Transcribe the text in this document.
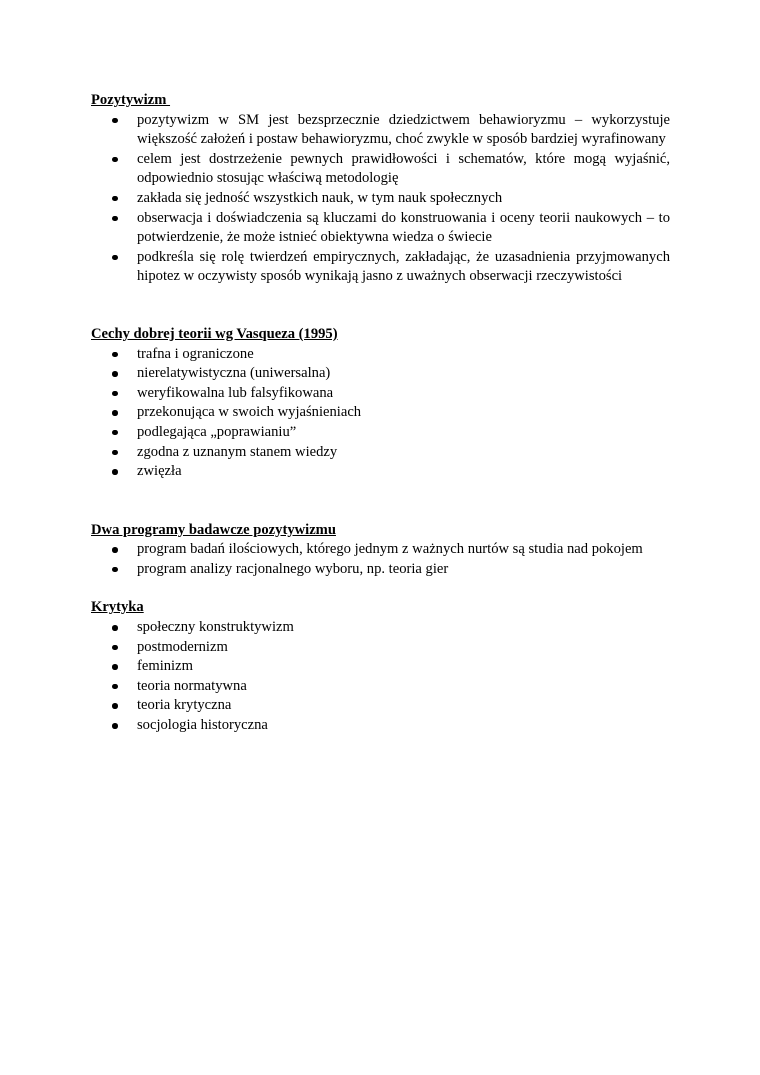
Pozytywizm

pozytywizm w SM jest bezsprzecznie dziedzictwem behawioryzmu – wykorzystuje większość założeń i postaw behawioryzmu, choć zwykle w sposób bardziej wyrafinowany
celem jest dostrzeżenie pewnych prawidłowości i schematów, które mogą wyjaśnić, odpowiednio stosując właściwą metodologię
zakłada się jedność wszystkich nauk, w tym nauk społecznych
obserwacja i doświadczenia są kluczami do konstruowania i oceny teorii naukowych – to potwierdzenie, że może istnieć obiektywna wiedza o świecie
podkreśla się rolę twierdzeń empirycznych, zakładając, że uzasadnienia przyjmowanych hipotez w oczywisty sposób wynikają jasno z uważnych obserwacji rzeczywistości

Cechy dobrej teorii wg Vasqueza (1995)

trafna i ograniczone
nierelatywistyczna (uniwersalna)
weryfikowalna lub falsyfikowana
przekonująca w swoich wyjaśnieniach
podlegająca „poprawianiu”
zgodna z uznanym stanem wiedzy
zwięzła

Dwa programy badawcze pozytywizmu

program badań ilościowych, którego jednym z ważnych nurtów są studia nad pokojem
program analizy racjonalnego wyboru, np. teoria gier

Krytyka

społeczny konstruktywizm
postmodernizm
feminizm
teoria normatywna
teoria krytyczna
socjologia historyczna
